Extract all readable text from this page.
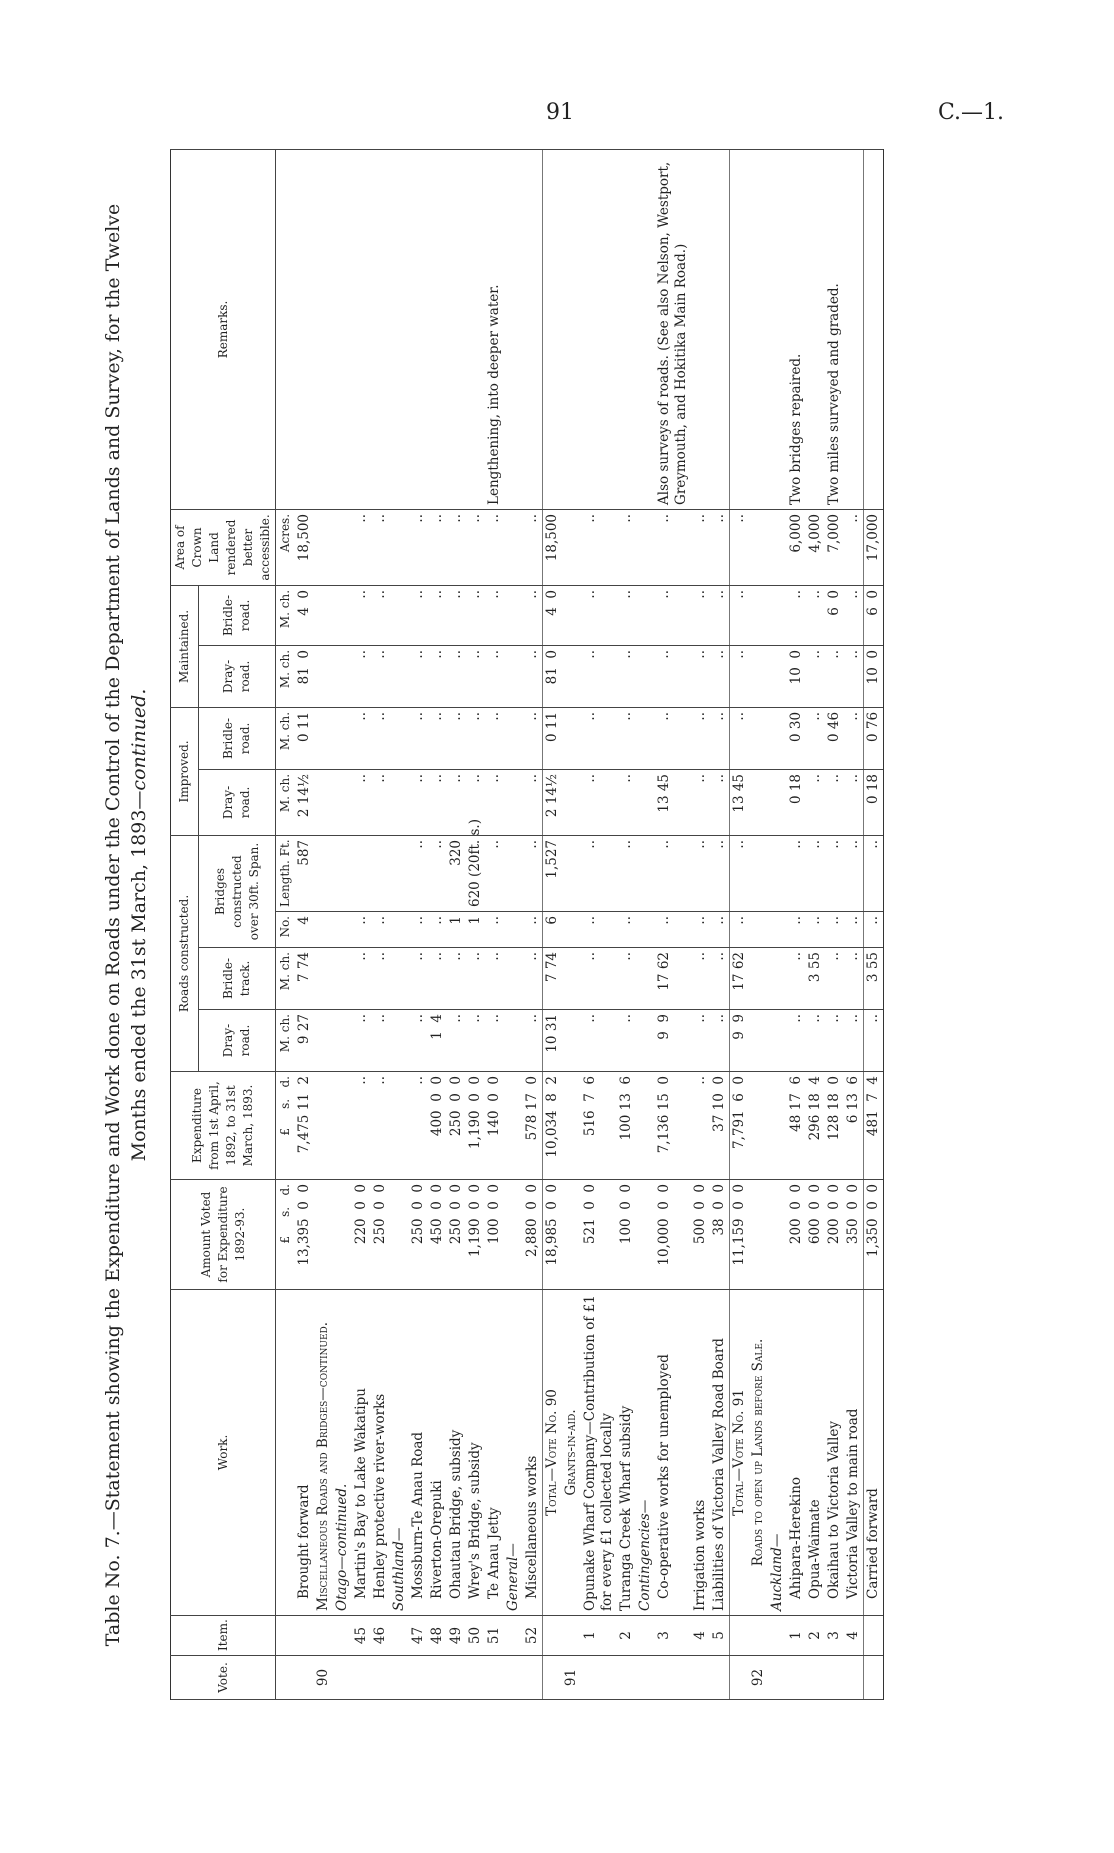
91	C.—1.
Table No. 7.—Statement showing the Expenditure and Work done on Roads under the Control of the Department of Lands and Survey, for the Twelve Months ended the 31st March, 1893—continued.
Vote.	Item.	Work.	Amount Voted for Expenditure 1892-93.	Expenditure from 1st April, 1892, to 31st March, 1893.	Roads constructed.				Improved.		Maintained.		Area of Crown Land rendered better accessible.	Remarks.
					Dray-road.	Bridle-track.	Bridges constructed over 30ft. Span.		Dray-road.	Bridle-road.	Dray-road.	Bridle-road.		
			£     s.   d.	£     s.   d.	M. ch.	M. ch.	No.	Length. Ft.	M. ch.	M. ch.	M. ch.	M. ch.	Acres.	
		Brought forward	13,395  0  0	7,475 11  2	9 27	7 74	4	587	2 14½	0 11	81  0	4  0	18,500	
90		Miscellaneous Roads and Bridges—continued.												
		Otago—continued.												
	45	Martin's Bay to Lake Wakatipu	220  0  0	..	..	..	..		..	..	..	..	..	
	46	Henley protective river-works	250  0  0	..	..	..	..		..	..	..	..	..	
		Southland—												
	47	Mossburn-Te Anau Road	250  0  0	..	..	..	..	..	..	..	..	..	..	
	48	Riverton-Orepuki	450  0  0	400  0  0	1  4	..	..	..	..	..	..	..	..	
	49	Ohautau Bridge, subsidy	250  0  0	250  0  0	..	..	1	320	..	..	..	..	..	
	50	Wrey's Bridge, subsidy	1,190  0  0	1,190  0  0	..	..	1	620 (20ft. s.)	..	..	..	..	..	
	51	Te Anau Jetty	100  0  0	140  0  0	..	..	..	..	..	..	..	..	..	Lengthening, into deeper water.
		General—												
	52	Miscellaneous works	2,880  0  0	578 17  0	..	..	..	..	..	..	..	..	..	
		Total—Vote No. 90	18,985  0  0	10,034  8  2	10 31	7 74	6	1,527	2 14½	0 11	81  0	4  0	18,500	
91		Grants-in-aid.												
	1	Opunake Wharf Company—Contribution of £1 for every £1 collected locally	521  0  0	516  7  6	..	..	..	..	..	..	..	..	..	
	2	Turanga Creek Wharf subsidy	100  0  0	100 13  6	..	..	..	..	..	..	..	..	..	
		Contingencies—												
	3	Co-operative works for unemployed	10,000  0  0	7,136 15  0	9  9	17 62	..	..	13 45	..	..	..	..	Also surveys of roads. (See also Nelson, Westport, Greymouth, and Hokitika Main Road.)
	4	Irrigation works	500  0  0	..	..	..	..	..	..	..	..	..	..	
	5	Liabilities of Victoria Valley Road Board	38  0  0	37 10  0	..	..	..	..	..	..	..	..	..	
		Total—Vote No. 91	11,159  0  0	7,791  6  0	9  9	17 62	..	..	13 45	..	..	..	..	
92		Roads to open up Lands before Sale.												
		Auckland—												
	1	Ahipara-Herekino	200  0  0	48 17  6	..	..	..	..	0 18	0 30	10  0	..	6,000	Two bridges repaired.
	2	Opua-Waimate	600  0  0	296 18  4	..	3 55	..	..	..	..	..	..	4,000	
	3	Okaihau to Victoria Valley	200  0  0	128 18  0	..	..	..	..	..	0 46	..	6  0	7,000	Two miles surveyed and graded.
	4	Victoria Valley to main road	350  0  0	6 13  6	..	..	..	..	..	..	..	..	..	
		Carried forward	1,350  0  0	481  7  4	..	3 55	..	..	0 18	0 76	10  0	6  0	17,000	
